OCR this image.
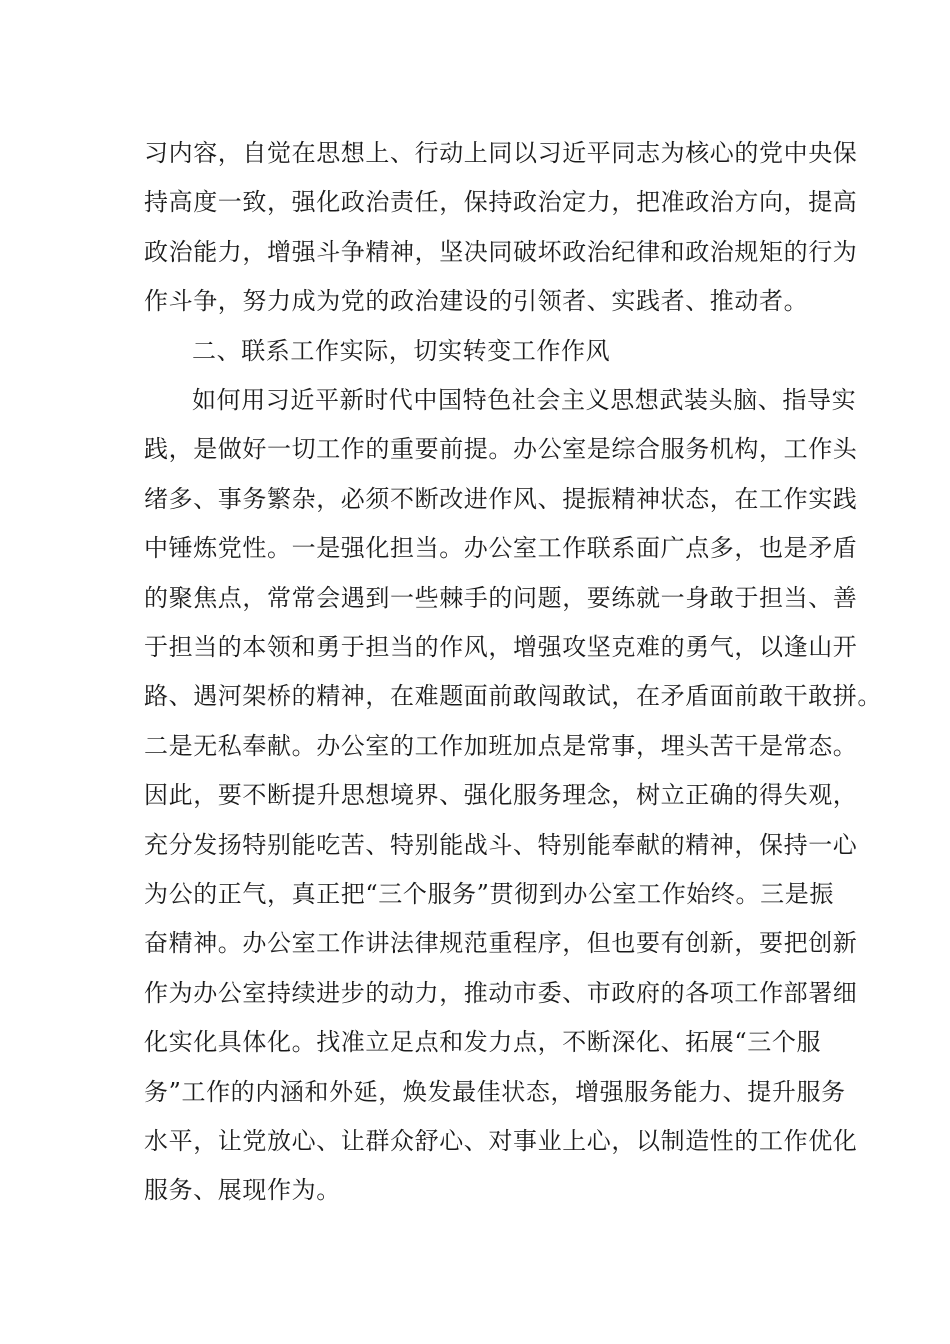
习内容，自觉在思想上、行动上同以习近平同志为核心的党中央保
持高度一致，强化政治责任，保持政治定力，把准政治方向，提高
政治能力，增强斗争精神，坚决同破坏政治纪律和政治规矩的行为
作斗争，努力成为党的政治建设的引领者、实践者、推动者。
二、联系工作实际，切实转变工作作风
如何用习近平新时代中国特色社会主义思想武装头脑、指导实
践，是做好一切工作的重要前提。办公室是综合服务机构，工作头
绪多、事务繁杂，必须不断改进作风、提振精神状态，在工作实践
中锤炼党性。一是强化担当。办公室工作联系面广点多，也是矛盾
的聚焦点，常常会遇到一些棘手的问题，要练就一身敢于担当、善
于担当的本领和勇于担当的作风，增强攻坚克难的勇气，以逢山开
路、遇河架桥的精神，在难题面前敢闯敢试，在矛盾面前敢干敢拼。
二是无私奉献。办公室的工作加班加点是常事，埋头苦干是常态。
因此，要不断提升思想境界、强化服务理念，树立正确的得失观，
充分发扬特别能吃苦、特别能战斗、特别能奉献的精神，保持一心
为公的正气，真正把“三个服务”贯彻到办公室工作始终。三是振
奋精神。办公室工作讲法律规范重程序，但也要有创新，要把创新
作为办公室持续进步的动力，推动市委、市政府的各项工作部署细
化实化具体化。找准立足点和发力点，不断深化、拓展“三个服
务”工作的内涵和外延，焕发最佳状态，增强服务能力、提升服务
水平，让党放心、让群众舒心、对事业上心，以制造性的工作优化
服务、展现作为。
